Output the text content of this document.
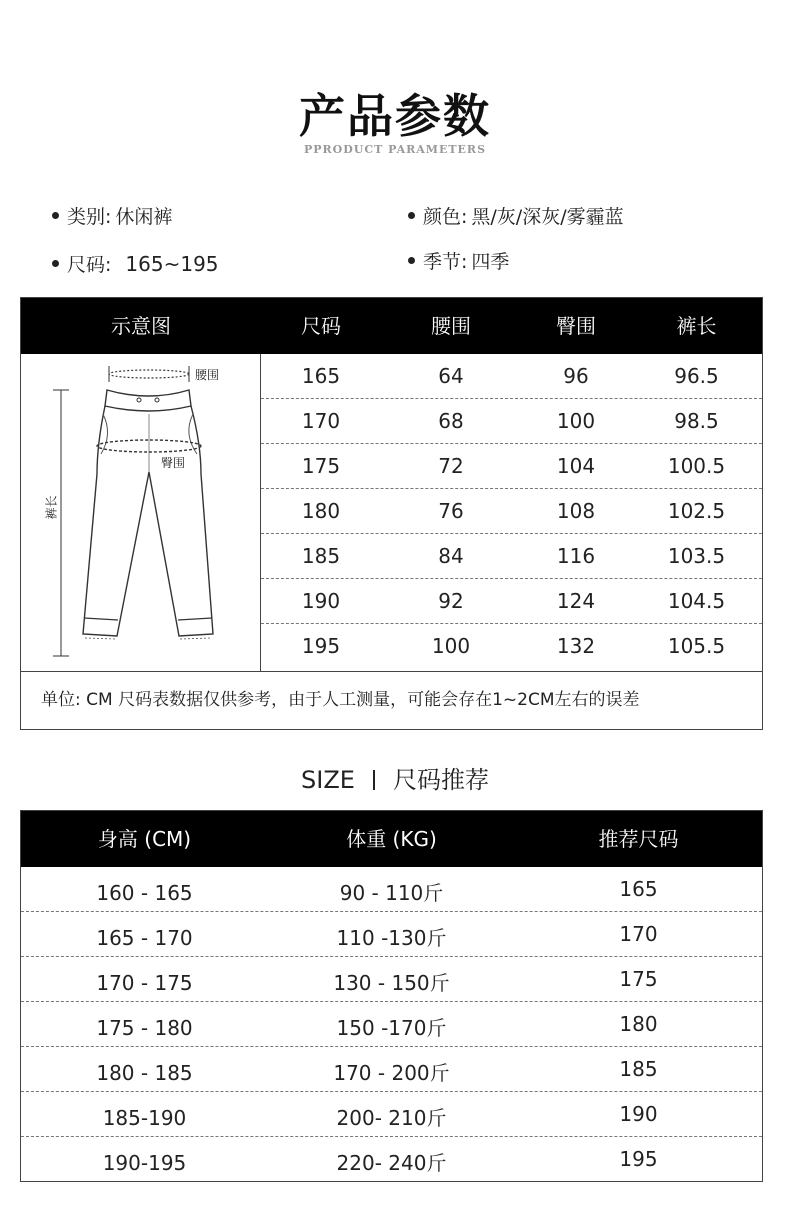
产品参数
PPRODUCT PARAMETERS
类别: 休闲裤	颜色: 黑/灰/深灰/雾霾蓝
尺码: 165~195	季节: 四季
示意图	尺码	腰围	臀围	裤长
腰围
臀围
裤长
165	64	96	96.5
170	68	100	98.5
175	72	104	100.5
180	76	108	102.5
185	84	116	103.5
190	92	124	104.5
195	100	132	105.5
单位: CM 尺码表数据仅供参考，由于人工测量，可能会存在1~2CM左右的误差
SIZE 尺码推荐
身高 (CM)	体重 (KG)	推荐尺码
160 - 165	90 - 110斤	165
165 - 170	110 -130斤	170
170 - 175	130 - 150斤	175
175 - 180	150 -170斤	180
180 - 185	170 - 200斤	185
185-190	200- 210斤	190
190-195	220- 240斤	195
